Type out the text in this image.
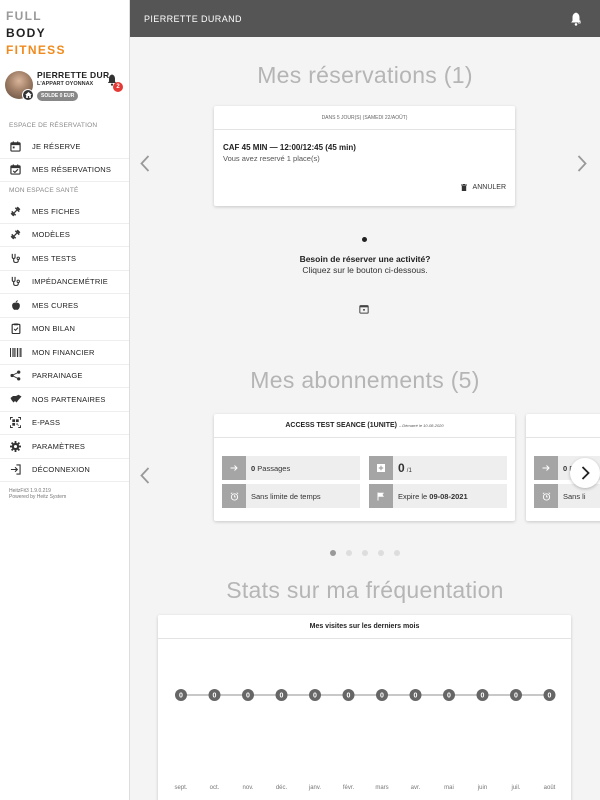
FULL
BODY
FITNESS
PIERRETTE DUR
L'APPART OYONNAX
SOLDE 0 EUR
2
ESPACE DE RÉSERVATION
JE RÉSERVE
MES RÉSERVATIONS
MON ESPACE SANTÉ
MES FICHES
MODÈLES
MES TESTS
IMPÉDANCEMÉTRIE
MES CURES
MON BILAN
MON FINANCIER
PARRAINAGE
NOS PARTENAIRES
E-PASS
PARAMÈTRES
DÉCONNEXION
HeitzFit3 1.9.0.219
Powered by Heitz System
PIERRETTE DURAND	0
Mes réservations (1)
DANS 5 JOUR(S) (SAMEDI 22/AOÛT)
CAF 45 MIN — 12:00/12:45 (45 min)
Vous avez reservé 1 place(s)
ANNULER
Besoin de réserver une activité?
Cliquez sur le bouton ci-dessous.
Mes abonnements (5)
ACCESS TEST SEANCE (1UNITE) – Démarré le 10-08-2020
0 Passages
Sans limite de temps
0 /1
Expire le 09-08-2021
0
Sans li
Stats sur ma fréquentation
Mes visites sur les derniers mois
0
sept.
0
oct.
0
nov.
0
déc.
0
janv.
0
févr.
0
mars
0
avr.
0
mai
0
juin
0
juil.
0
août
